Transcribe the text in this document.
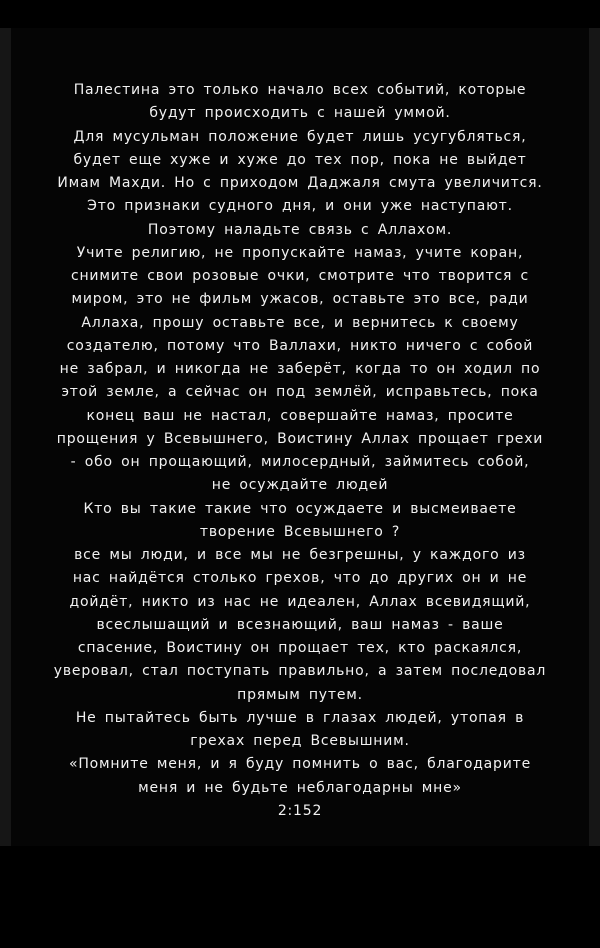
Палестина это только начало всех событий, которые
будут происходить с нашей уммой.
Для мусульман положение будет лишь усугубляться,
будет еще хуже и хуже до тех пор, пока не выйдет
Имам Махди. Но с приходом Даджаля смута увеличится.
Это признаки судного дня, и они уже наступают.
Поэтому наладьте связь с Аллахом.
Учите религию, не пропускайте намаз, учите коран,
снимите свои розовые очки, смотрите что творится с
миром, это не фильм ужасов, оставьте это все, ради
Аллаха, прошу оставьте все, и вернитесь к своему
создателю, потому что Валлахи, никто ничего с собой
не забрал, и никогда не заберёт, когда то он ходил по
этой земле, а сейчас он под землёй, исправьтесь, пока
конец ваш не настал, совершайте намаз, просите
прощения у Всевышнего, Воистину Аллах прощает грехи
- обо он прощающий, милосердный, займитесь собой,
не осуждайте людей
Кто вы такие такие что осуждаете и высмеиваете
творение Всевышнего ?
все мы люди, и все мы не безгрешны, у каждого из
нас найдётся столько грехов, что до других он и не
дойдёт, никто из нас не идеален, Аллах всевидящий,
всеслышащий и всезнающий, ваш намаз - ваше
спасение, Воистину он прощает тех, кто раскаялся,
уверовал, стал поступать правильно, а затем последовал
прямым путем.
Не пытайтесь быть лучше в глазах людей, утопая в
грехах перед Всевышним.
«Помните меня, и я буду помнить о вас, благодарите
меня и не будьте неблагодарны мне»
2:152
